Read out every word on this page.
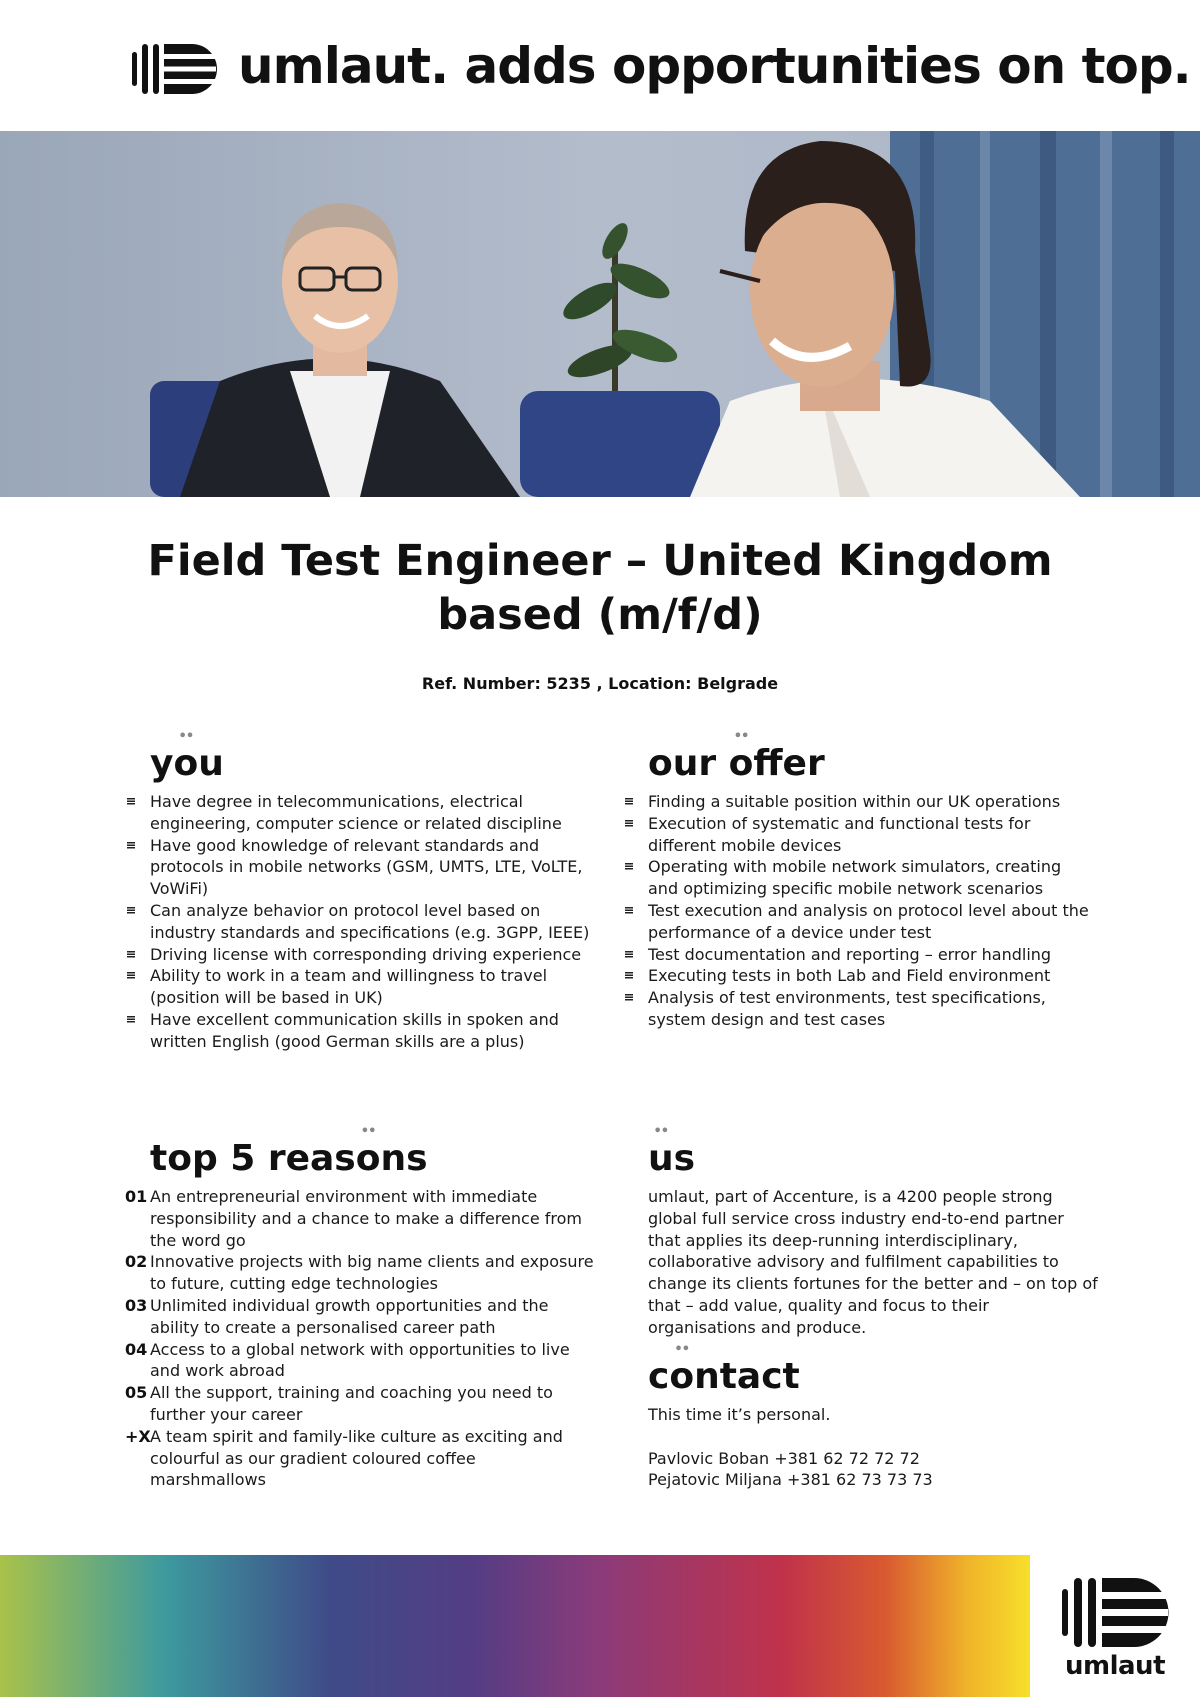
umlaut. adds opportunities on top.
Field Test Engineer – United Kingdom
based (m/f/d)
Ref. Number: 5235 , Location: Belgrade
y•• ou
Have degree in telecommunications, electrical engineering, computer science or related discipline
Have good knowledge of relevant standards and protocols in mobile networks (GSM, UMTS, LTE, VoLTE, VoWiFi)
Can analyze behavior on protocol level based on industry standards and specifications (e.g. 3GPP, IEEE)
Driving license with corresponding driving experience
Ability to work in a team and willingness to travel (position will be based in UK)
Have excellent communication skills in spoken and written English (good German skills are a plus)
our •• offer
Finding a suitable position within our UK operations
Execution of systematic and functional tests for different mobile devices
Operating with mobile network simulators, creating and optimizing specific mobile network scenarios
Test execution and analysis on protocol level about the performance of a device under test
Test documentation and reporting – error handling
Executing tests in both Lab and Field environment
Analysis of test environments, test specifications, system design and test cases
top 5 reas•• ons
01 An entrepreneurial environment with immediate responsibility and a chance to make a difference from the word go
02 Innovative projects with big name clients and exposure to future, cutting edge technologies
03 Unlimited individual growth opportunities and the ability to create a personalised career path
04 Access to a global network with opportunities to live and work abroad
05 All the support, training and coaching you need to further your career
+X A team spirit and family-like culture as exciting and colourful as our gradient coloured coffee marshmallows
•• us
umlaut, part of Accenture, is a 4200 people strong global full service cross industry end-to-end partner that applies its deep-running interdisciplinary, collaborative advisory and fulfilment capabilities to change its clients fortunes for the better and – on top of that – add value, quality and focus to their organisations and produce.
c•• ontact
This time it’s personal.
Pavlovic Boban +381 62 72 72 72
Pejatovic Miljana +381 62 73 73 73
umlaut
